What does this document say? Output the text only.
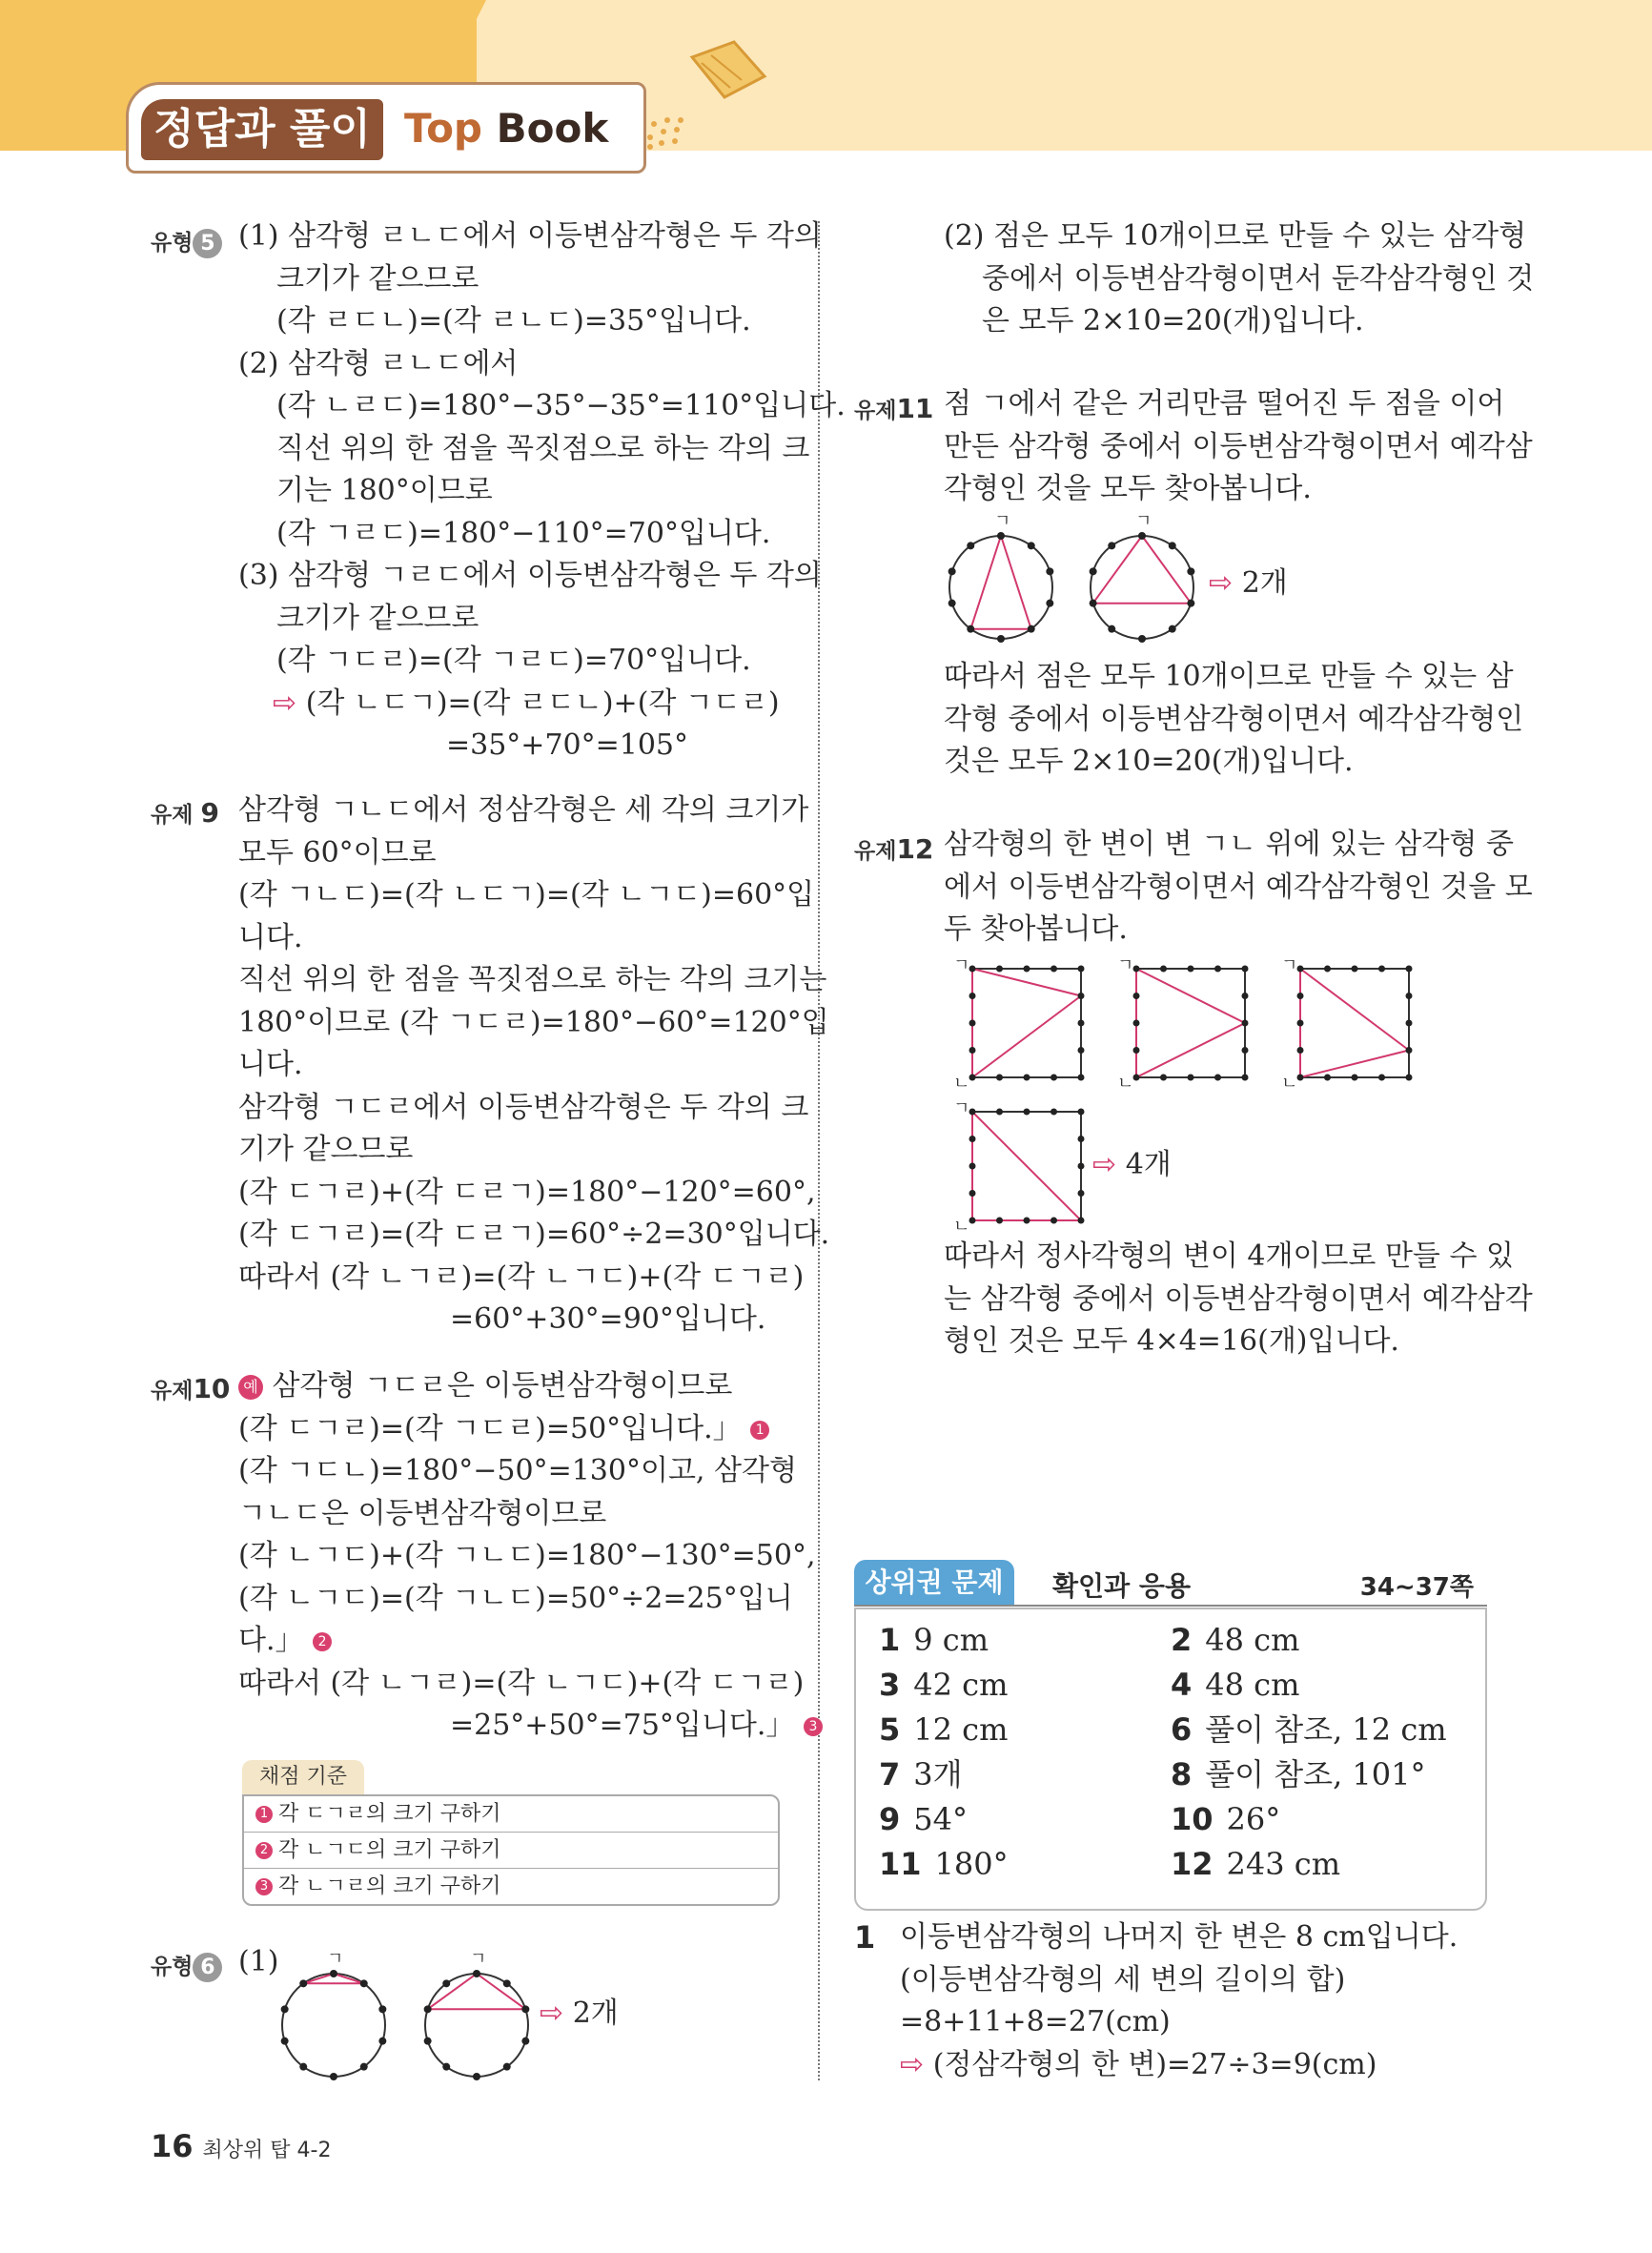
정답과 풀이 Top Book
유형 5 (1) 삼각형 ㄹㄴㄷ에서 이등변삼각형은 두 각의
크기가 같으므로
(각 ㄹㄷㄴ)=(각 ㄹㄴㄷ)=35°입니다.
(2) 삼각형 ㄹㄴㄷ에서
(각 ㄴㄹㄷ)=180°−35°−35°=110°입니다.
직선 위의 한 점을 꼭짓점으로 하는 각의 크
기는 180°이므로
(각 ㄱㄹㄷ)=180°−110°=70°입니다.
(3) 삼각형 ㄱㄹㄷ에서 이등변삼각형은 두 각의
크기가 같으므로
(각 ㄱㄷㄹ)=(각 ㄱㄹㄷ)=70°입니다.
⇨ (각 ㄴㄷㄱ)=(각 ㄹㄷㄴ)+(각 ㄱㄷㄹ)
=35°+70°=105°
유제 9 삼각형 ㄱㄴㄷ에서 정삼각형은 세 각의 크기가
모두 60°이므로
(각 ㄱㄴㄷ)=(각 ㄴㄷㄱ)=(각 ㄴㄱㄷ)=60°입
니다.
직선 위의 한 점을 꼭짓점으로 하는 각의 크기는
180°이므로 (각 ㄱㄷㄹ)=180°−60°=120°입
니다.
삼각형 ㄱㄷㄹ에서 이등변삼각형은 두 각의 크
기가 같으므로
(각 ㄷㄱㄹ)+(각 ㄷㄹㄱ)=180°−120°=60°,
(각 ㄷㄱㄹ)=(각 ㄷㄹㄱ)=60°÷2=30°입니다.
따라서 (각 ㄴㄱㄹ)=(각 ㄴㄱㄷ)+(각 ㄷㄱㄹ)
=60°+30°=90°입니다.
유제10 예 삼각형 ㄱㄷㄹ은 이등변삼각형이므로
(각 ㄷㄱㄹ)=(각 ㄱㄷㄹ)=50°입니다.」 1
(각 ㄱㄷㄴ)=180°−50°=130°이고, 삼각형
ㄱㄴㄷ은 이등변삼각형이므로
(각 ㄴㄱㄷ)+(각 ㄱㄴㄷ)=180°−130°=50°,
(각 ㄴㄱㄷ)=(각 ㄱㄴㄷ)=50°÷2=25°입니
다.」 2
따라서 (각 ㄴㄱㄹ)=(각 ㄴㄱㄷ)+(각 ㄷㄱㄹ)
=25°+50°=75°입니다.」 3
채점 기준
1 각 ㄷㄱㄹ의 크기 구하기
2 각 ㄴㄱㄷ의 크기 구하기
3 각 ㄴㄱㄹ의 크기 구하기
유형 6 (1)	ㄱ	ㄱ
⇨ 2개
(2) 점은 모두 10개이므로 만들 수 있는 삼각형
중에서 이등변삼각형이면서 둔각삼각형인 것
은 모두 2×10=20(개)입니다.
유제11 점 ㄱ에서 같은 거리만큼 떨어진 두 점을 이어
만든 삼각형 중에서 이등변삼각형이면서 예각삼
각형인 것을 모두 찾아봅니다.
ㄱ	ㄱ
⇨ 2개
따라서 점은 모두 10개이므로 만들 수 있는 삼
각형 중에서 이등변삼각형이면서 예각삼각형인
것은 모두 2×10=20(개)입니다.
유제12 삼각형의 한 변이 변 ㄱㄴ 위에 있는 삼각형 중
에서 이등변삼각형이면서 예각삼각형인 것을 모
두 찾아봅니다.
ㄱ
ㄴ
ㄱ
ㄴ
ㄱ
ㄴ
ㄱ
ㄴ
⇨ 4개
따라서 정사각형의 변이 4개이므로 만들 수 있
는 삼각형 중에서 이등변삼각형이면서 예각삼각
형인 것은 모두 4×4=16(개)입니다.
상위권 문제	확인과 응용	34~37쪽
1 9 cm	2 48 cm
3 42 cm	4 48 cm
5 12 cm	6 풀이 참조, 12 cm
7 3개	8 풀이 참조, 101°
9 54°	10 26°
11 180°	12 243 cm
1 이등변삼각형의 나머지 한 변은 8 cm입니다.
(이등변삼각형의 세 변의 길이의 합)
=8+11+8=27(cm)
⇨ (정삼각형의 한 변)=27÷3=9(cm)
16 최상위 탑 4-2
